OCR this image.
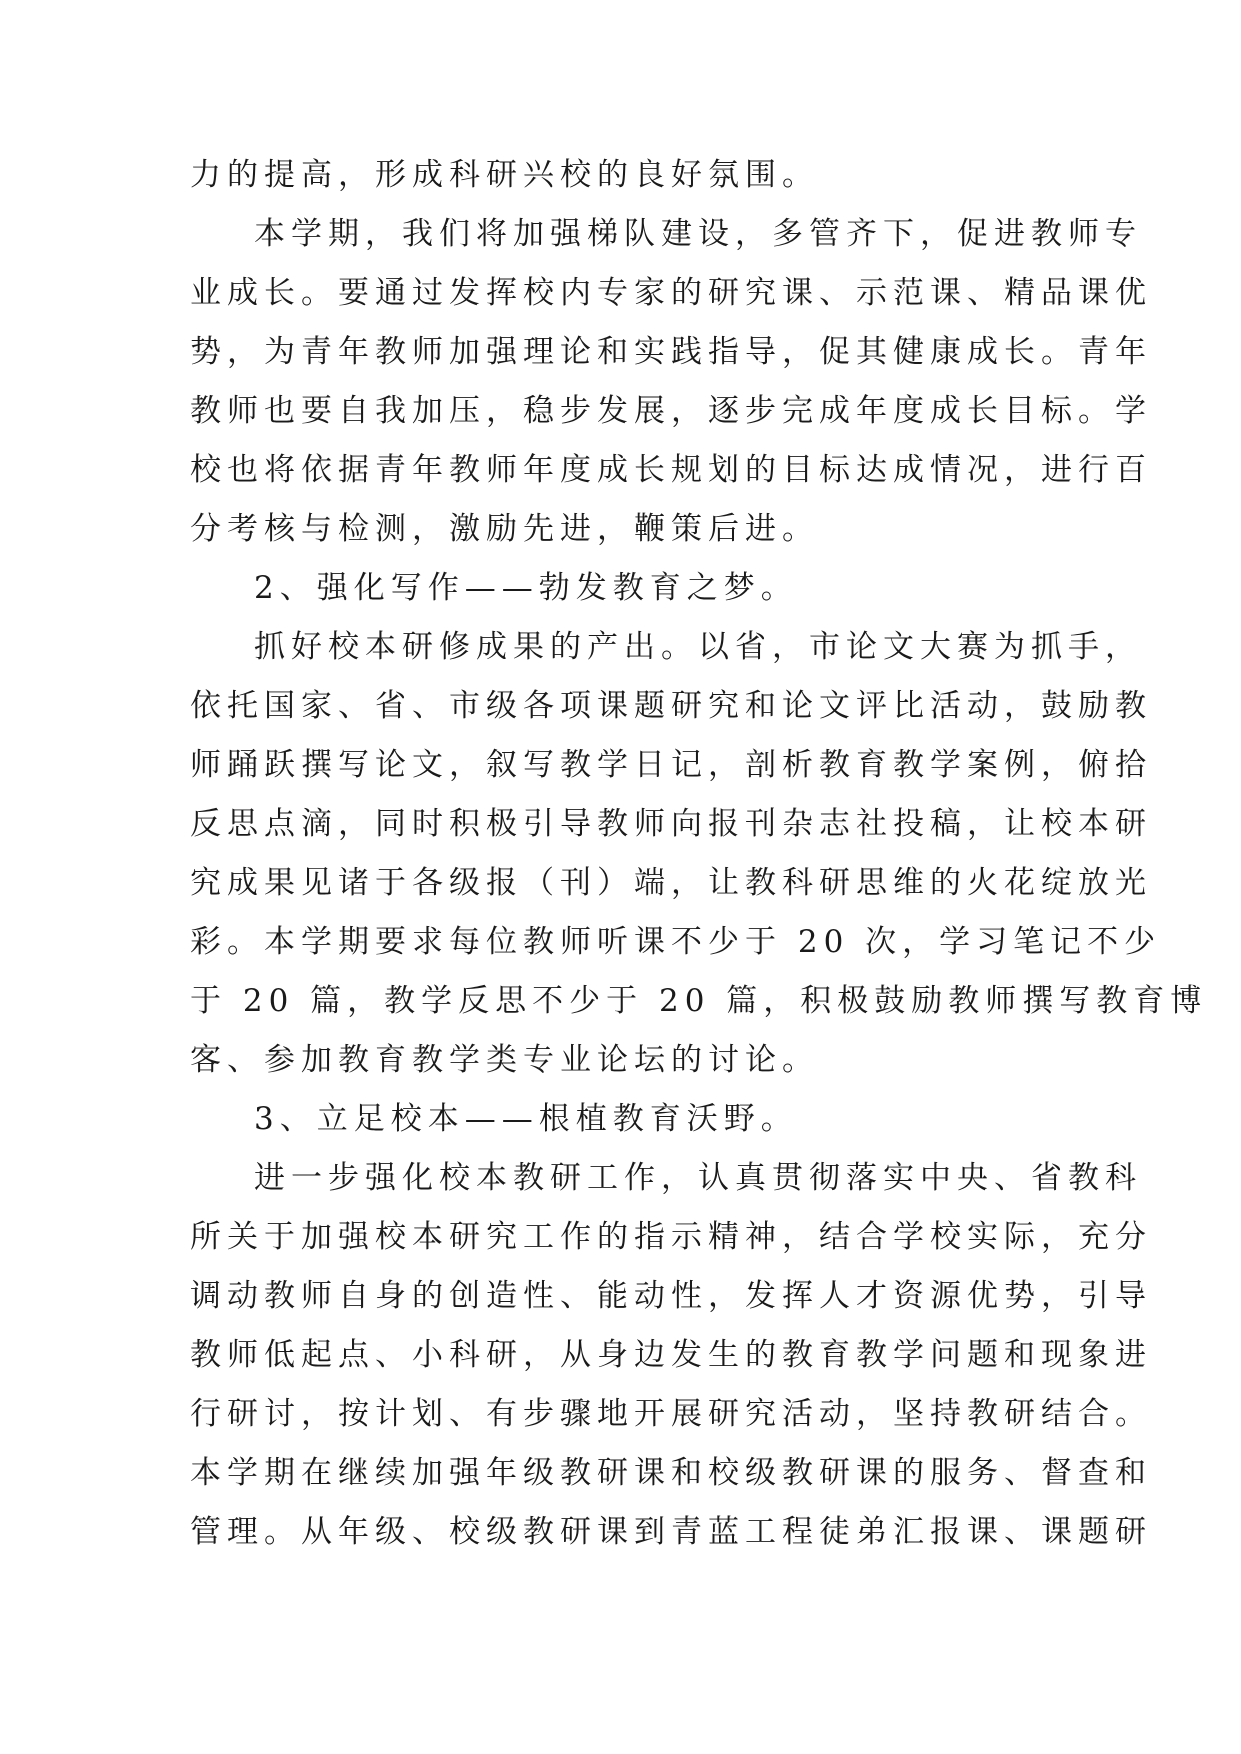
力的提高，形成科研兴校的良好氛围。
本学期，我们将加强梯队建设，多管齐下，促进教师专
业成长。要通过发挥校内专家的研究课、示范课、精品课优
势，为青年教师加强理论和实践指导，促其健康成长。青年
教师也要自我加压，稳步发展，逐步完成年度成长目标。学
校也将依据青年教师年度成长规划的目标达成情况，进行百
分考核与检测，激励先进，鞭策后进。
2、强化写作——勃发教育之梦。
抓好校本研修成果的产出。以省，市论文大赛为抓手，
依托国家、省、市级各项课题研究和论文评比活动，鼓励教
师踊跃撰写论文，叙写教学日记，剖析教育教学案例，俯拾
反思点滴，同时积极引导教师向报刊杂志社投稿，让校本研
究成果见诸于各级报（刊）端，让教科研思维的火花绽放光
彩。本学期要求每位教师听课不少于 20 次，学习笔记不少
于 20 篇，教学反思不少于 20 篇，积极鼓励教师撰写教育博
客、参加教育教学类专业论坛的讨论。
3、立足校本——根植教育沃野。
进一步强化校本教研工作，认真贯彻落实中央、省教科
所关于加强校本研究工作的指示精神，结合学校实际，充分
调动教师自身的创造性、能动性，发挥人才资源优势，引导
教师低起点、小科研，从身边发生的教育教学问题和现象进
行研讨，按计划、有步骤地开展研究活动，坚持教研结合。
本学期在继续加强年级教研课和校级教研课的服务、督查和
管理。从年级、校级教研课到青蓝工程徒弟汇报课、课题研
